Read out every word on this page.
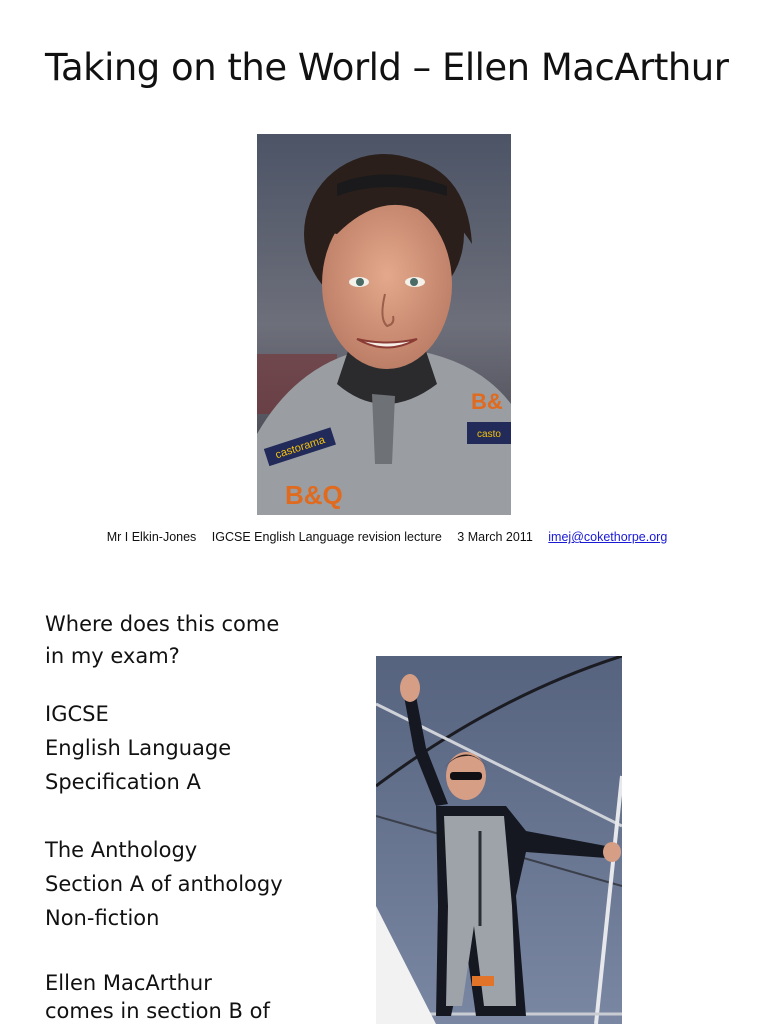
Taking on the World – Ellen MacArthur
castorama
B&Q
B&
casto
Mr I Elkin-Jones IGCSE English Language revision lecture 3 March 2011 imej@cokethorpe.org
Where does this come
in my exam?
IGCSE
English Language
Specification A
The Anthology
Section A of anthology
Non-fiction
Ellen MacArthur
comes in section B of
